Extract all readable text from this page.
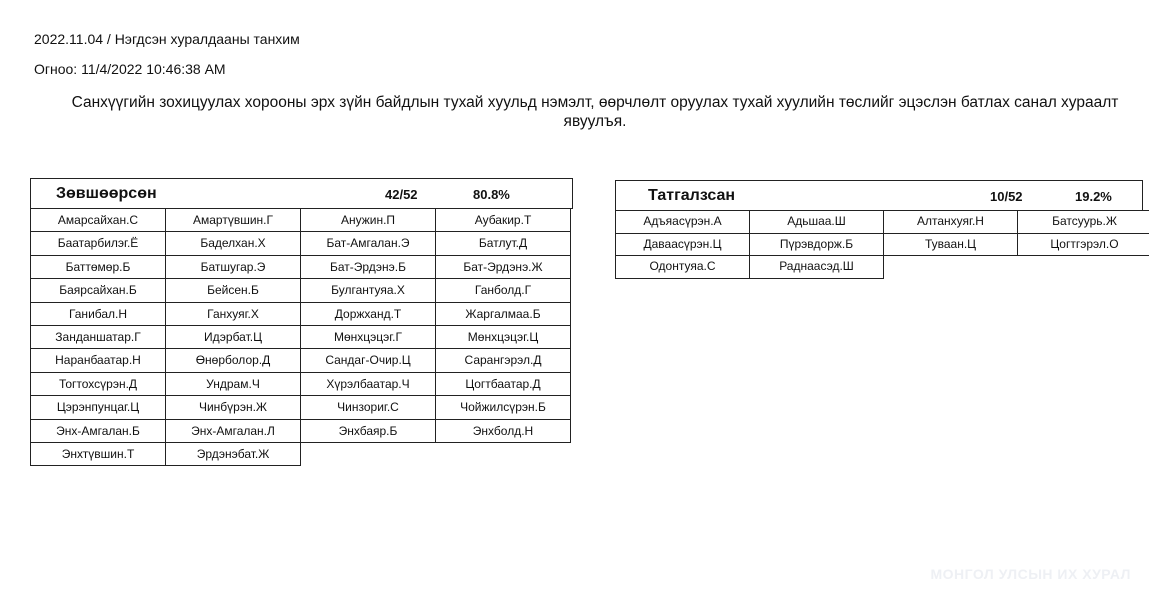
2022.11.04 / Нэгдсэн хуралдааны танхим
Огноо: 11/4/2022 10:46:38 AM
Санхүүгийн зохицуулах хорооны эрх зүйн байдлын тухай хуульд нэмэлт, өөрчлөлт оруулах тухай хуулийн төслийг эцэслэн батлах санал хураалт явуулъя.
Зөвшөөрсөн	42/52	80.8%
Амарсайхан.С	Амартүвшин.Г	Анужин.П	Аубакир.Т
Баатарбилэг.Ё	Баделхан.Х	Бат-Амгалан.Э	Батлут.Д
Баттөмөр.Б	Батшугар.Э	Бат-Эрдэнэ.Б	Бат-Эрдэнэ.Ж
Баярсайхан.Б	Бейсен.Б	Булгантуяа.Х	Ганболд.Г
Ганибал.Н	Ганхуяг.Х	Доржханд.Т	Жаргалмаа.Б
Занданшатар.Г	Идэрбат.Ц	Мөнхцэцэг.Г	Мөнхцэцэг.Ц
Наранбаатар.Н	Өнөрболор.Д	Сандаг-Очир.Ц	Сарангэрэл.Д
Тогтохсүрэн.Д	Ундрам.Ч	Хүрэлбаатар.Ч	Цогтбаатар.Д
Цэрэнпунцаг.Ц	Чинбүрэн.Ж	Чинзориг.С	Чойжилсүрэн.Б
Энх-Амгалан.Б	Энх-Амгалан.Л	Энхбаяр.Б	Энхболд.Н
Энхтүвшин.Т	Эрдэнэбат.Ж
Татгалзсан	10/52	19.2%
Адъяасүрэн.А	Адьшаа.Ш	Алтанхуяг.Н	Батсуурь.Ж
Даваасүрэн.Ц	Пүрэвдорж.Б	Туваан.Ц	Цогтгэрэл.О
Одонтуяа.С	Раднаасэд.Ш
МОНГОЛ УЛСЫН ИХ ХУРАЛ
